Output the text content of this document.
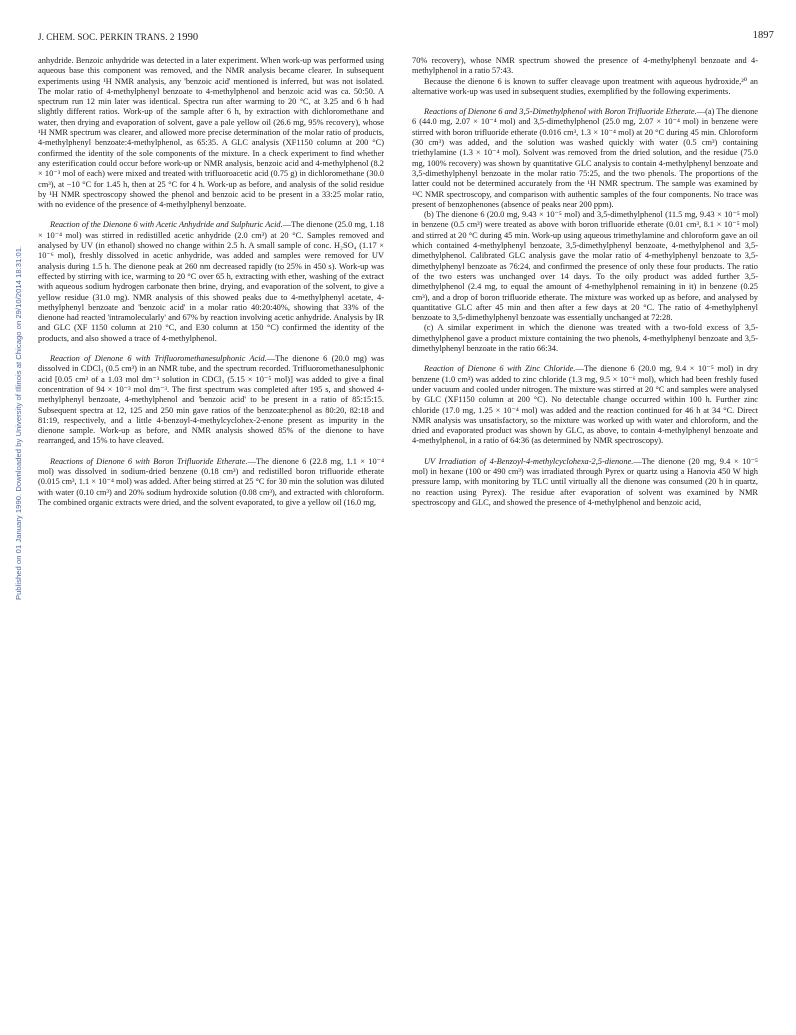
J. CHEM. SOC. PERKIN TRANS. 2 1990	1897
Published on 01 January 1990. Downloaded by University of Illinois at Chicago on 29/10/2014 18:31:01.

anhydride. Benzoic anhydride was detected in a later experiment. When work-up was performed using aqueous base this component was removed, and the NMR analysis became clearer. In subsequent experiments using ¹H NMR analysis, any 'benzoic acid' mentioned is inferred, but was not isolated. The molar ratio of 4-methylphenyl benzoate to 4-methylphenol and benzoic acid was ca. 50:50. A spectrum run 12 min later was identical. Spectra run after warming to 20 °C, at 3.25 and 6 h had slightly different ratios. Work-up of the sample after 6 h, by extraction with dichloromethane and water, then drying and evaporation of solvent, gave a pale yellow oil (26.6 mg, 95% recovery), whose ¹H NMR spectrum was clearer, and allowed more precise determination of the molar ratio of products, 4-methylphenyl benzoate:4-methylphenol, as 65:35. A GLC analysis (XF1150 column at 200 °C) confirmed the identity of the sole components of the mixture. In a check experiment to find whether any esterification could occur before work-up or NMR analysis, benzoic acid and 4-methylphenol (8.2 × 10⁻³ mol of each) were mixed and treated with trifluoroacetic acid (0.75 g) in dichloromethane (30.0 cm³), at −10 °C for 1.45 h, then at 25 °C for 4 h. Work-up as before, and analysis of the solid residue by ¹H NMR spectroscopy showed the phenol and benzoic acid to be present in a 33:25 molar ratio, with no evidence of the presence of 4-methylphenyl benzoate.

Reaction of the Dienone 6 with Acetic Anhydride and Sulphuric Acid.—The dienone (25.0 mg, 1.18 × 10⁻⁴ mol) was stirred in redistilled acetic anhydride (2.0 cm³) at 20 °C. Samples removed and analysed by UV (in ethanol) showed no change within 2.5 h. A small sample of conc. H₂SO₄ (1.17 × 10⁻⁶ mol), freshly dissolved in acetic anhydride, was added and samples were removed for UV analysis during 1.5 h. The dienone peak at 260 nm decreased rapidly (to 25% in 450 s). Work-up was effected by stirring with ice, warming to 20 °C over 65 h, extracting with ether, washing of the extract with aqueous sodium hydrogen carbonate then brine, drying, and evaporation of the solvent, to give a yellow residue (31.0 mg). NMR analysis of this showed peaks due to 4-methylphenyl acetate, 4-methylphenyl benzoate and 'benzoic acid' in a molar ratio 40:20:40%, showing that 33% of the dienone had reacted 'intramolecularly' and 67% by reaction involving acetic anhydride. Analysis by IR and GLC (XF 1150 column at 210 °C, and E30 column at 150 °C) confirmed the identity of the products, and also showed a trace of 4-methylphenol.

Reaction of Dienone 6 with Trifluoromethanesulphonic Acid.—The dienone 6 (20.0 mg) was dissolved in CDCl₃ (0.5 cm³) in an NMR tube, and the spectrum recorded. Trifluoromethanesulphonic acid [0.05 cm³ of a 1.03 mol dm⁻³ solution in CDCl₃ (5.15 × 10⁻⁵ mol)] was added to give a final concentration of 94 × 10⁻³ mol dm⁻³. The first spectrum was completed after 195 s, and showed 4-methylphenyl benzoate, 4-methylphenol and 'benzoic acid' to be present in a ratio of 85:15:15. Subsequent spectra at 12, 125 and 250 min gave ratios of the benzoate:phenol as 80:20, 82:18 and 81:19, respectively, and a little 4-benzoyl-4-methylcyclohex-2-enone present as impurity in the dienone sample. Work-up as before, and NMR analysis showed 85% of the dienone to have rearranged, and 15% to have cleaved.

Reactions of Dienone 6 with Boron Trifluoride Etherate.—The dienone 6 (22.8 mg, 1.1 × 10⁻⁴ mol) was dissolved in sodium-dried benzene (0.18 cm³) and redistilled boron trifluoride etherate (0.015 cm³, 1.1 × 10⁻⁴ mol) was added. After being stirred at 25 °C for 30 min the solution was diluted with water (0.10 cm³) and 20% sodium hydroxide solution (0.08 cm³), and extracted with chloroform. The combined organic extracts were dried, and the solvent evaporated, to give a yellow oil (16.0 mg,

70% recovery), whose NMR spectrum showed the presence of 4-methylphenyl benzoate and 4-methylphenol in a ratio 57:43.

Because the dienone 6 is known to suffer cleavage upon treatment with aqueous hydroxide,²⁰ an alternative work-up was used in subsequent studies, exemplified by the following experiments.

Reactions of Dienone 6 and 3,5-Dimethylphenol with Boron Trifluoride Etherate.—(a) The dienone 6 (44.0 mg, 2.07 × 10⁻⁴ mol) and 3,5-dimethylphenol (25.0 mg, 2.07 × 10⁻⁴ mol) in benzene were stirred with boron trifluoride etherate (0.016 cm³, 1.3 × 10⁻⁴ mol) at 20 °C during 45 min. Chloroform (30 cm³) was added, and the solution was washed quickly with water (0.5 cm³) containing triethylamine (1.3 × 10⁻⁴ mol). Solvent was removed from the dried solution, and the residue (75.0 mg, 100% recovery) was shown by quantitative GLC analysis to contain 4-methylphenyl benzoate and 3,5-dimethylphenyl benzoate in the molar ratio 75:25, and the two phenols. The proportions of the latter could not be determined accurately from the ¹H NMR spectrum. The sample was examined by ¹³C NMR spectroscopy, and comparison with authentic samples of the four components. No trace was present of benzophenones (absence of peaks near 200 ppm).

(b) The dienone 6 (20.0 mg, 9.43 × 10⁻⁵ mol) and 3,5-dimethylphenol (11.5 mg, 9.43 × 10⁻⁵ mol) in benzene (0.5 cm³) were treated as above with boron trifluoride etherate (0.01 cm³, 8.1 × 10⁻⁵ mol) and stirred at 20 °C during 45 min. Work-up using aqueous trimethylamine and chloroform gave an oil which contained 4-methylphenyl benzoate, 3,5-dimethylphenyl benzoate, 4-methylphenol and 3,5-dimethylphenol. Calibrated GLC analysis gave the molar ratio of 4-methylphenyl benzoate to 3,5-dimethylphenyl benzoate as 76:24, and confirmed the presence of only these four products. The ratio of the two esters was unchanged over 14 days. To the oily product was added further 3,5-dimethylphenol (2.4 mg, to equal the amount of 4-methylphenol remaining in it) in benzene (0.25 cm³), and a drop of boron trifluoride etherate. The mixture was worked up as before, and analysed by quantitative GLC after 45 min and then after a few days at 20 °C. The ratio of 4-methylphenyl benzoate to 3,5-dimethylphenyl benzoate was essentially unchanged at 72:28.

(c) A similar experiment in which the dienone was treated with a two-fold excess of 3,5-dimethylphenol gave a product mixture containing the two phenols, 4-methylphenyl benzoate and 3,5-dimethylphenyl benzoate in the ratio 66:34.

Reaction of Dienone 6 with Zinc Chloride.—The dienone 6 (20.0 mg, 9.4 × 10⁻⁵ mol) in dry benzene (1.0 cm³) was added to zinc chloride (1.3 mg, 9.5 × 10⁻⁶ mol), which had been freshly fused under vacuum and cooled under nitrogen. The mixture was stirred at 20 °C and samples were analysed by GLC (XF1150 column at 200 °C). No detectable change occurred within 100 h. Further zinc chloride (17.0 mg, 1.25 × 10⁻⁴ mol) was added and the reaction continued for 46 h at 34 °C. Direct NMR analysis was unsatisfactory, so the mixture was worked up with water and chloroform, and the dried and evaporated product was shown by GLC, as above, to contain 4-methylphenyl benzoate and 4-methylphenol, in a ratio of 64:36 (as determined by NMR spectroscopy).

UV Irradiation of 4-Benzoyl-4-methylcyclohexa-2,5-dienone.—The dienone (20 mg, 9.4 × 10⁻⁵ mol) in hexane (100 or 490 cm³) was irradiated through Pyrex or quartz using a Hanovia 450 W high pressure lamp, with monitoring by TLC until virtually all the dienone was consumed (20 h in quartz, no reaction using Pyrex). The residue after evaporation of solvent was examined by NMR spectroscopy and GLC, and showed the presence of 4-methylphenol and benzoic acid,
